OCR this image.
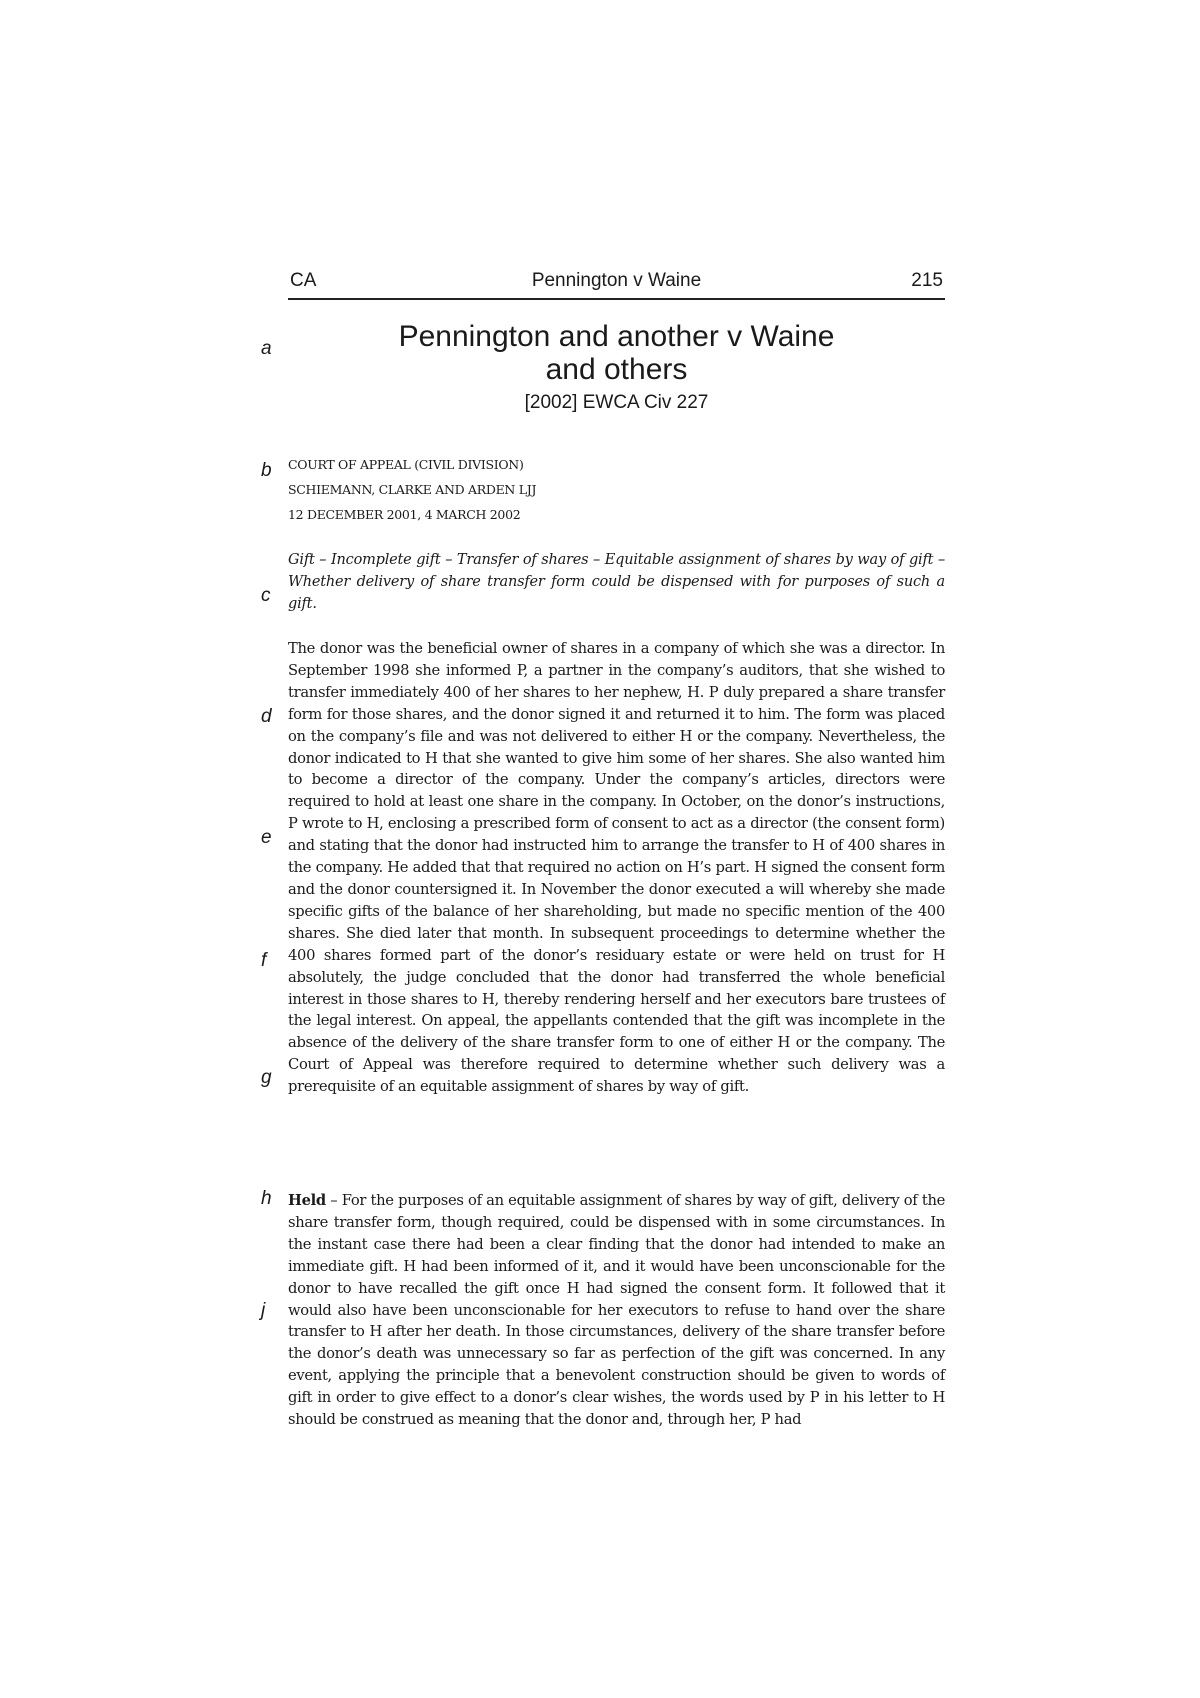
CA	Pennington v Waine	215
Pennington and another v Waine
and others
[2002] EWCA Civ 227
COURT OF APPEAL (CIVIL DIVISION)
SCHIEMANN, CLARKE AND ARDEN LJJ
12 DECEMBER 2001, 4 MARCH 2002
Gift – Incomplete gift – Transfer of shares – Equitable assignment of shares by way of gift – Whether delivery of share transfer form could be dispensed with for purposes of such a gift.
The donor was the beneficial owner of shares in a company of which she was a director. In September 1998 she informed P, a partner in the company’s auditors, that she wished to transfer immediately 400 of her shares to her nephew, H. P duly prepared a share transfer form for those shares, and the donor signed it and returned it to him. The form was placed on the company’s file and was not delivered to either H or the company. Nevertheless, the donor indicated to H that she wanted to give him some of her shares. She also wanted him to become a director of the company. Under the company’s articles, directors were required to hold at least one share in the company. In October, on the donor’s instructions, P wrote to H, enclosing a prescribed form of consent to act as a director (the consent form) and stating that the donor had instructed him to arrange the transfer to H of 400 shares in the company. He added that that required no action on H’s part. H signed the consent form and the donor countersigned it. In November the donor executed a will whereby she made specific gifts of the balance of her shareholding, but made no specific mention of the 400 shares. She died later that month. In subsequent proceedings to determine whether the 400 shares formed part of the donor’s residuary estate or were held on trust for H absolutely, the judge concluded that the donor had transferred the whole beneficial interest in those shares to H, thereby rendering herself and her executors bare trustees of the legal interest. On appeal, the appellants contended that the gift was incomplete in the absence of the delivery of the share transfer form to one of either H or the company. The Court of Appeal was therefore required to determine whether such delivery was a prerequisite of an equitable assignment of shares by way of gift.
Held – For the purposes of an equitable assignment of shares by way of gift, delivery of the share transfer form, though required, could be dispensed with in some circumstances. In the instant case there had been a clear finding that the donor had intended to make an immediate gift. H had been informed of it, and it would have been unconscionable for the donor to have recalled the gift once H had signed the consent form. It followed that it would also have been unconscionable for her executors to refuse to hand over the share transfer to H after her death. In those circumstances, delivery of the share transfer before the donor’s death was unnecessary so far as perfection of the gift was concerned. In any event, applying the principle that a benevolent construction should be given to words of gift in order to give effect to a donor’s clear wishes, the words used by P in his letter to H should be construed as meaning that the donor and, through her, P had
a
b
c
d
e
f
g
h
j
